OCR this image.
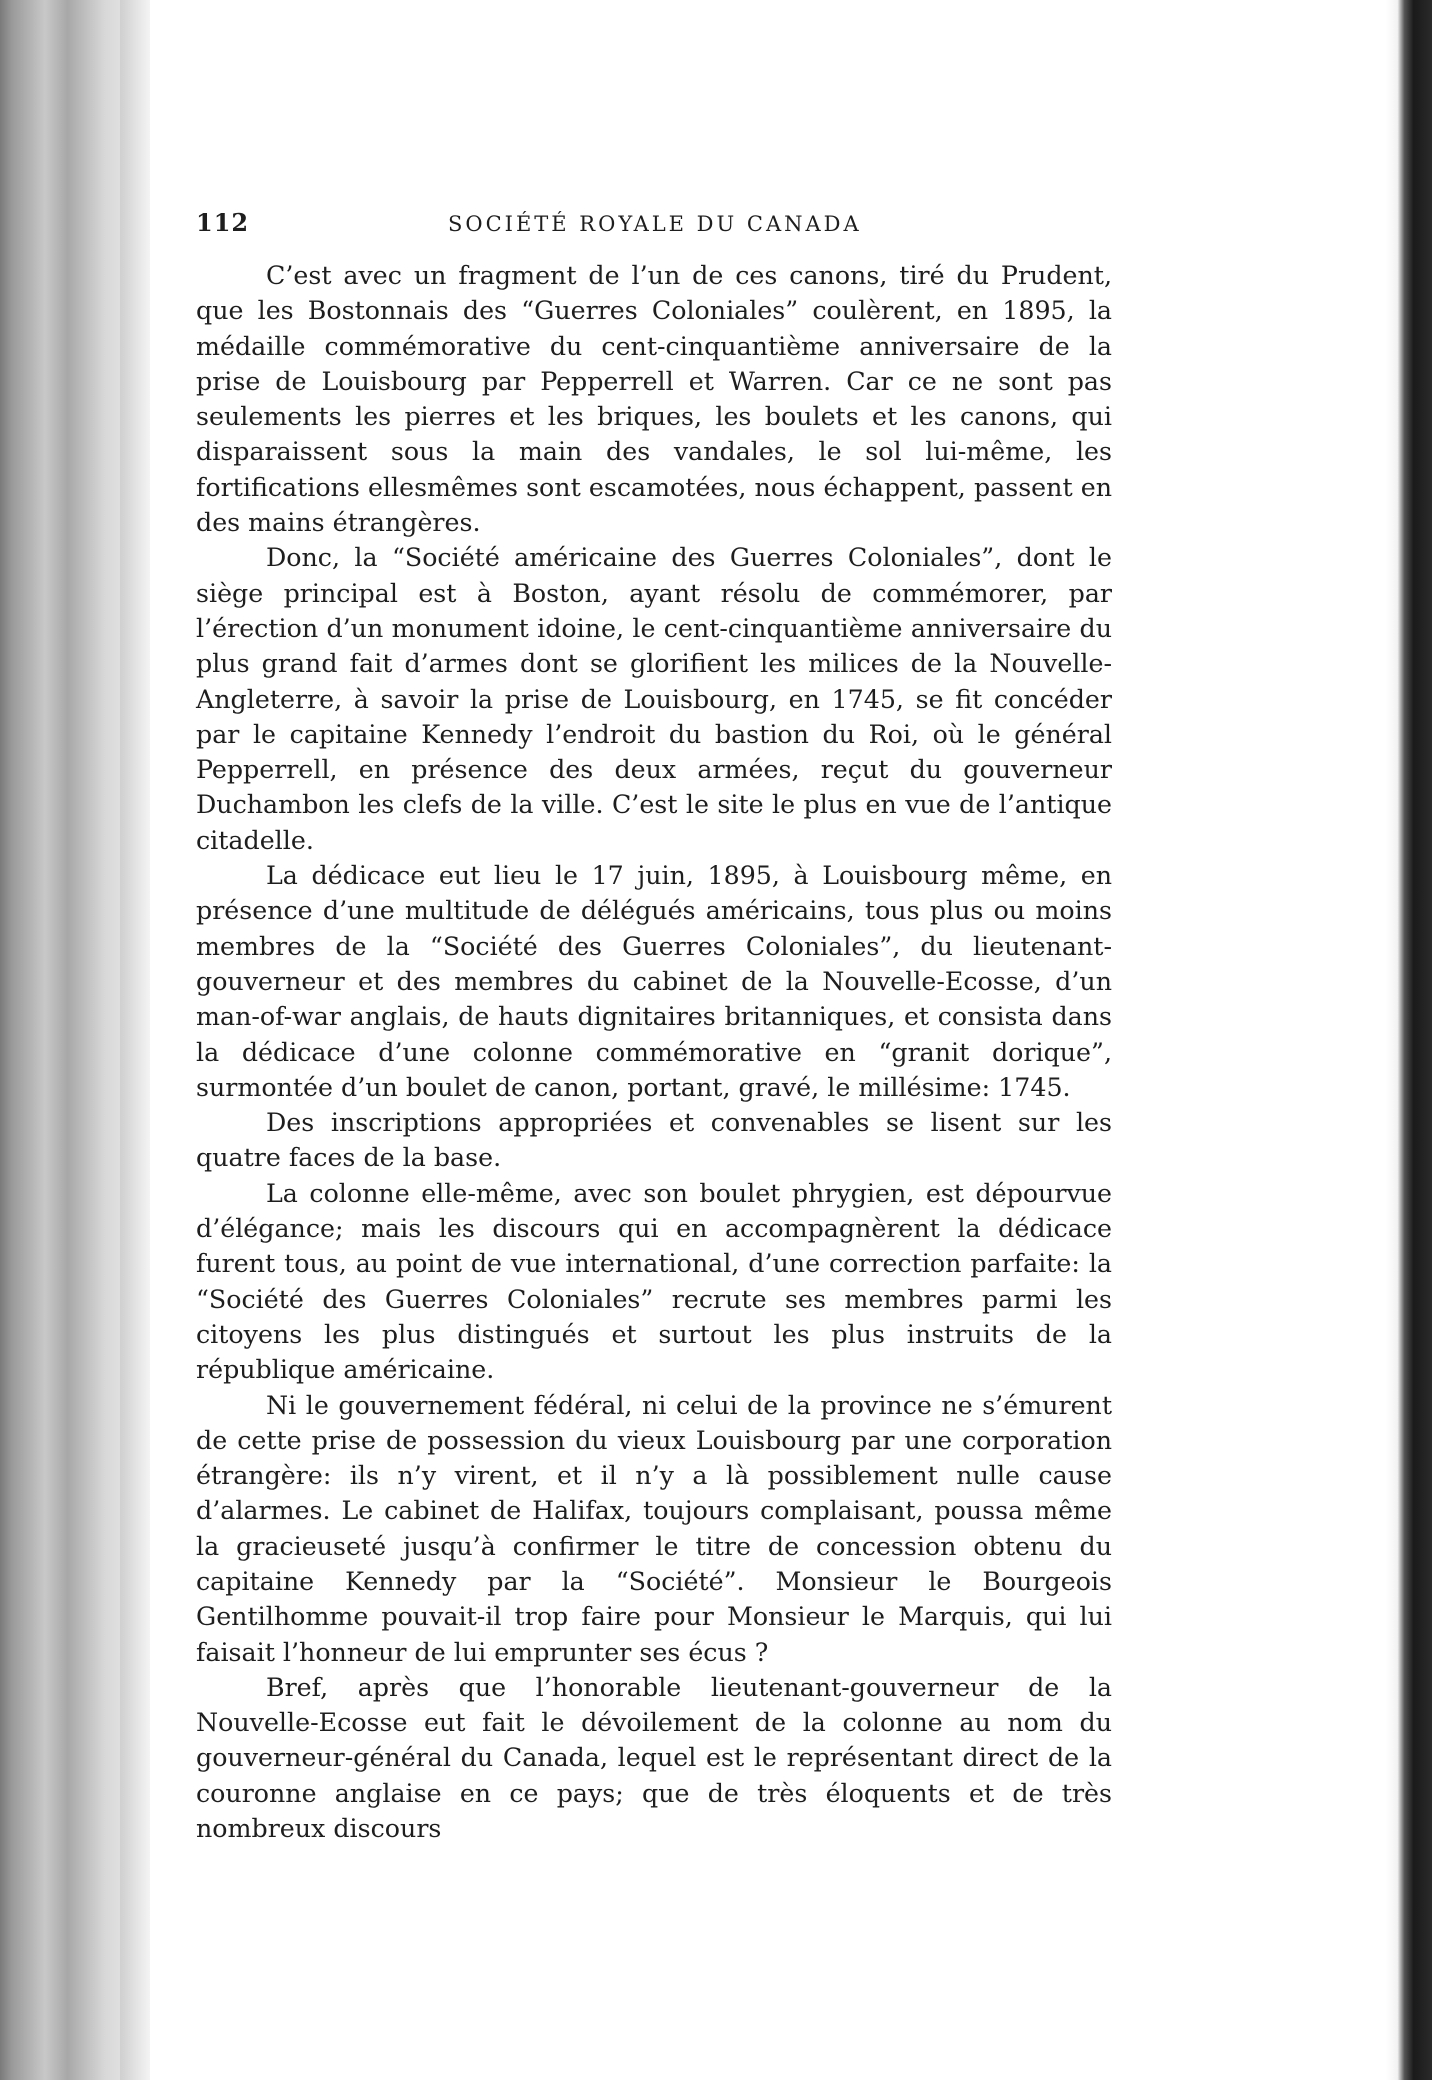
112	SOCIÉTÉ ROYALE DU CANADA

C’est avec un fragment de l’un de ces canons, tiré du Prudent, que les Bostonnais des “Guerres Coloniales” coulèrent, en 1895, la médaille commémorative du cent-cinquantième anniversaire de la prise de Louisbourg par Pepperrell et Warren. Car ce ne sont pas seulements les pierres et les briques, les boulets et les canons, qui disparaissent sous la main des vandales, le sol lui-même, les fortifications ellesmêmes sont escamotées, nous échappent, passent en des mains étrangères.

Donc, la “Société américaine des Guerres Coloniales”, dont le siège principal est à Boston, ayant résolu de commémorer, par l’érection d’un monument idoine, le cent-cinquantième anniversaire du plus grand fait d’armes dont se glorifient les milices de la Nouvelle-Angleterre, à savoir la prise de Louisbourg, en 1745, se fit concéder par le capitaine Kennedy l’endroit du bastion du Roi, où le général Pepperrell, en présence des deux armées, reçut du gouverneur Duchambon les clefs de la ville. C’est le site le plus en vue de l’antique citadelle.

La dédicace eut lieu le 17 juin, 1895, à Louisbourg même, en présence d’une multitude de délégués américains, tous plus ou moins membres de la “Société des Guerres Coloniales”, du lieutenant-gouverneur et des membres du cabinet de la Nouvelle-Ecosse, d’un man-of-war anglais, de hauts dignitaires britanniques, et consista dans la dédicace d’une colonne commémorative en “granit dorique”, surmontée d’un boulet de canon, portant, gravé, le millésime: 1745.

Des inscriptions appropriées et convenables se lisent sur les quatre faces de la base.

La colonne elle-même, avec son boulet phrygien, est dépourvue d’élégance; mais les discours qui en accompagnèrent la dédicace furent tous, au point de vue international, d’une correction parfaite: la “Société des Guerres Coloniales” recrute ses membres parmi les citoyens les plus distingués et surtout les plus instruits de la république américaine.

Ni le gouvernement fédéral, ni celui de la province ne s’émurent de cette prise de possession du vieux Louisbourg par une corporation étrangère: ils n’y virent, et il n’y a là possiblement nulle cause d’alarmes. Le cabinet de Halifax, toujours complaisant, poussa même la gracieuseté jusqu’à confirmer le titre de concession obtenu du capitaine Kennedy par la “Société”. Monsieur le Bourgeois Gentilhomme pouvait-il trop faire pour Monsieur le Marquis, qui lui faisait l’honneur de lui emprunter ses écus ?

Bref, après que l’honorable lieutenant-gouverneur de la Nouvelle-Ecosse eut fait le dévoilement de la colonne au nom du gouverneur-général du Canada, lequel est le représentant direct de la couronne anglaise en ce pays; que de très éloquents et de très nombreux discours
